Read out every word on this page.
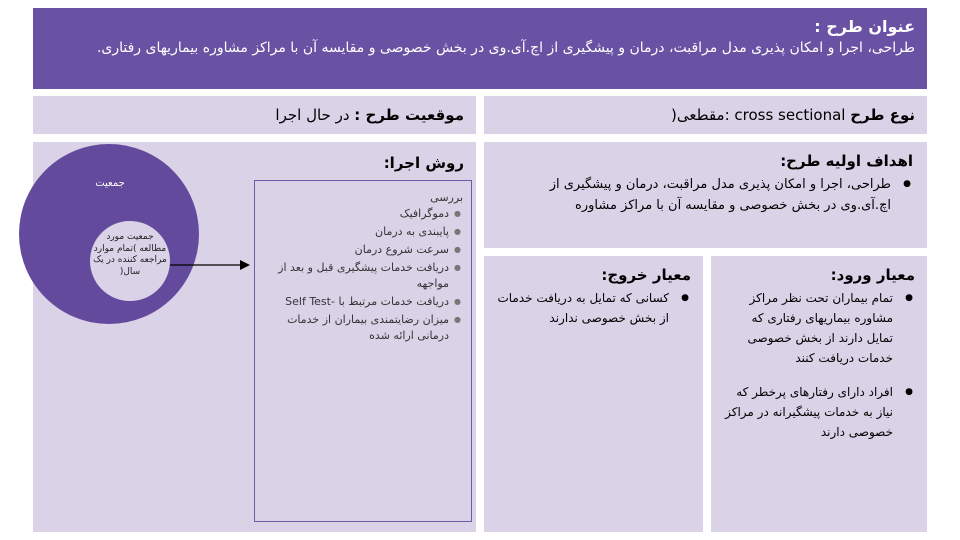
عنوان طرح :
طراحی، اجرا و امکان پذیری مدل مراقبت، درمان و پیشگیری از اچ.آی.وی در بخش خصوصی و مقایسه آن با مراکز مشاوره بیماریهای رفتاری.
موقعیت طرح : در حال اجرا	نوع طرح cross sectional :مقطعی(
روش اجرا:
جمعیت
جمعیت مورد مطالعه )تمام موارد مراجعه کننده در یک سال(
بررسی
● دموگرافیک
● پایبندی به درمان
● سرعت شروع درمان
● دریافت خدمات پیشگیری قبل و بعد از مواجهه
● دریافت خدمات مرتبط با -Self Test
● میزان رضایتمندی بیماران از خدمات درمانی ارائه شده
اهداف اولیه طرح:
● طراحی، اجرا و امکان پذیری مدل مراقبت، درمان و پیشگیری از اچ.آی.وی در بخش خصوصی و مقایسه آن با مراکز مشاوره
معیار خروج:
● کسانی که تمایل به دریافت خدمات از بخش خصوصی ندارند
معیار ورود:
● تمام بیماران تحت نظر مراکز مشاوره بیماریهای رفتاری که تمایل دارند از بخش خصوصی خدمات دریافت کنند
● افراد دارای رفتارهای پرخطر که نیاز به خدمات پیشگیرانه در مراکز خصوصی دارند
